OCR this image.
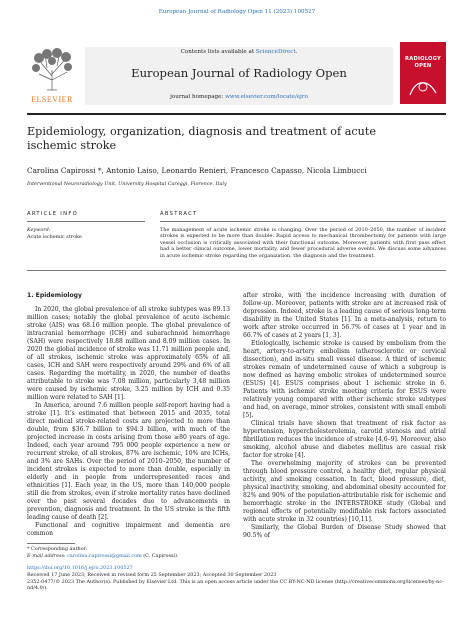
European Journal of Radiology Open 11 (2023) 100527
ELSEVIER
Contents lists available at ScienceDirect.
European Journal of Radiology Open
journal homepage: www.elsevier.com/locate/ejro
RADIOLOGY
OPEN
Epidemiology, organization, diagnosis and treatment of acute ischemic stroke
Carolina Capirossi *, Antonio Laiso, Leonardo Renieri, Francesco Capasso, Nicola Limbucci
Interventional Neuroradiology Unit, University Hospital Careggi, Florence, Italy
ARTICLE INFO
Keyword:
Acute ischemic stroke
ABSTRACT
The management of acute ischemic stroke is changing. Over the period of 2010–2050, the number of incident strokes is expected to be more than double. Rapid access to mechanical thrombectomy for patients with large vessel occlusion is critically associated with their functional outcome. Moreover, patients with first pass effect had a better clinical outcome, lower mortality, and fewer procedural adverse events. We discuss some advances in acute ischemic stroke regarding the organization, the diagnosis and the treatment.
1. Epidemiology

In 2020, the global prevalence of all stroke subtypes was 89.13 million cases; notably the global prevalence of acute ischemic stroke (AIS) was 68.16 million people. The global prevalence of intracranial hemorrhage (ICH) and subarachnoid hemorrhage (SAH) were respectively 18.88 million and 8.09 million cases. In 2020 the global incidence of stroke was 11.71 million people and, of all strokes, ischemic stroke was approximately 65% of all cases, ICH and SAH were respectively around 29% and 6% of all cases. Regarding the mortality, in 2020, the number of deaths attributable to stroke was 7.08 million, particularly 3,48 million were caused by ischemic stroke, 3.25 million by ICH and 0.35 million were related to SAH [1].

In America, around 7.6 million people self-report having had a stroke [1]. It’s estimated that between 2015 and 2035, total direct medical stroke-related costs are projected to more than double, from $36.7 billion to $94.3 billion, with much of the projected increase in costs arising from those ≥80 years of age. Indeed, each year around 795 000 people experience a new or recurrent stroke, of all strokes, 87% are ischemic, 10% are ICHs, and 3% are SAHs. Over the period of 2010–2050, the number of incident strokes is expected to more than double, especially in elderly and in people from underrepresented races and ethnicities [1]. Each year, in the US, more than 140,000 people still die from strokes, even if stroke mortality rates have declined over the past several decades due to advancements in prevention, diagnosis and treatment. In the US stroke is the fifth leading cause of death [2].

Functional and cognitive impairment and dementia are common

after stroke, with the incidence increasing with duration of follow-up. Moreover, patients with stroke are at increased risk of depression. Indeed, stroke is a leading cause of serious long-term disability in the United States [1]. In a meta-analysis, return to work after stroke occurred in 56.7% of cases at 1 year and in 66.7% of cases at 2 years [1, 3].

Etiologically, ischemic stroke is caused by embolism from the heart, artery-to-artery embolism (atherosclerotic or cervical dissection), and in-situ small vessel disease. A third of ischemic strokes remain of undetermined cause of which a subgroup is now defined as having embolic strokes of undetermined source (ESUS) [4]. ESUS comprises about 1 ischemic stroke in 6. Patients with ischemic stroke meeting criteria for ESUS were relatively young compared with other ischemic stroke subtypes and had, on average, minor strokes, consistent with small emboli [5].

Clinical trials have shown that treatment of risk factor as hypertension, hypercholesterolemia, carotid stenosis and atrial fibrillation reduces the incidence of stroke [4,6–9]. Moreover, also smoking, alcohol abuse and diabetes mellitus are casual risk factor for stroke [4].

The overwhelming majority of strokes can be prevented through blood pressure control, a healthy diet, regular physical activity, and smoking cessation. In fact, blood pressure, diet, physical inactivity, smoking, and abdominal obesity accounted for 82% and 90% of the population-attributable risk for ischemic and hemorrhagic stroke in the INTERSTROKE study (Global and regional effects of potentially modifiable risk factors associated with acute stroke in 32 countries) [10,11].

Similarly, the Global Burden of Disease Study showed that 90.5% of

* Corresponding author.
E-mail address: carolina.capirossi@gmail.com (C. Capirossi).
https://doi.org/10.1016/j.ejro.2023.100527
Received 17 June 2023; Received in revised form 25 September 2023; Accepted 30 September 2023
2352-0477/© 2023 The Author(s). Published by Elsevier Ltd. This is an open access article under the CC BY-NC-ND license (http://creativecommons.org/licenses/by-nc-nd/4.0/).
